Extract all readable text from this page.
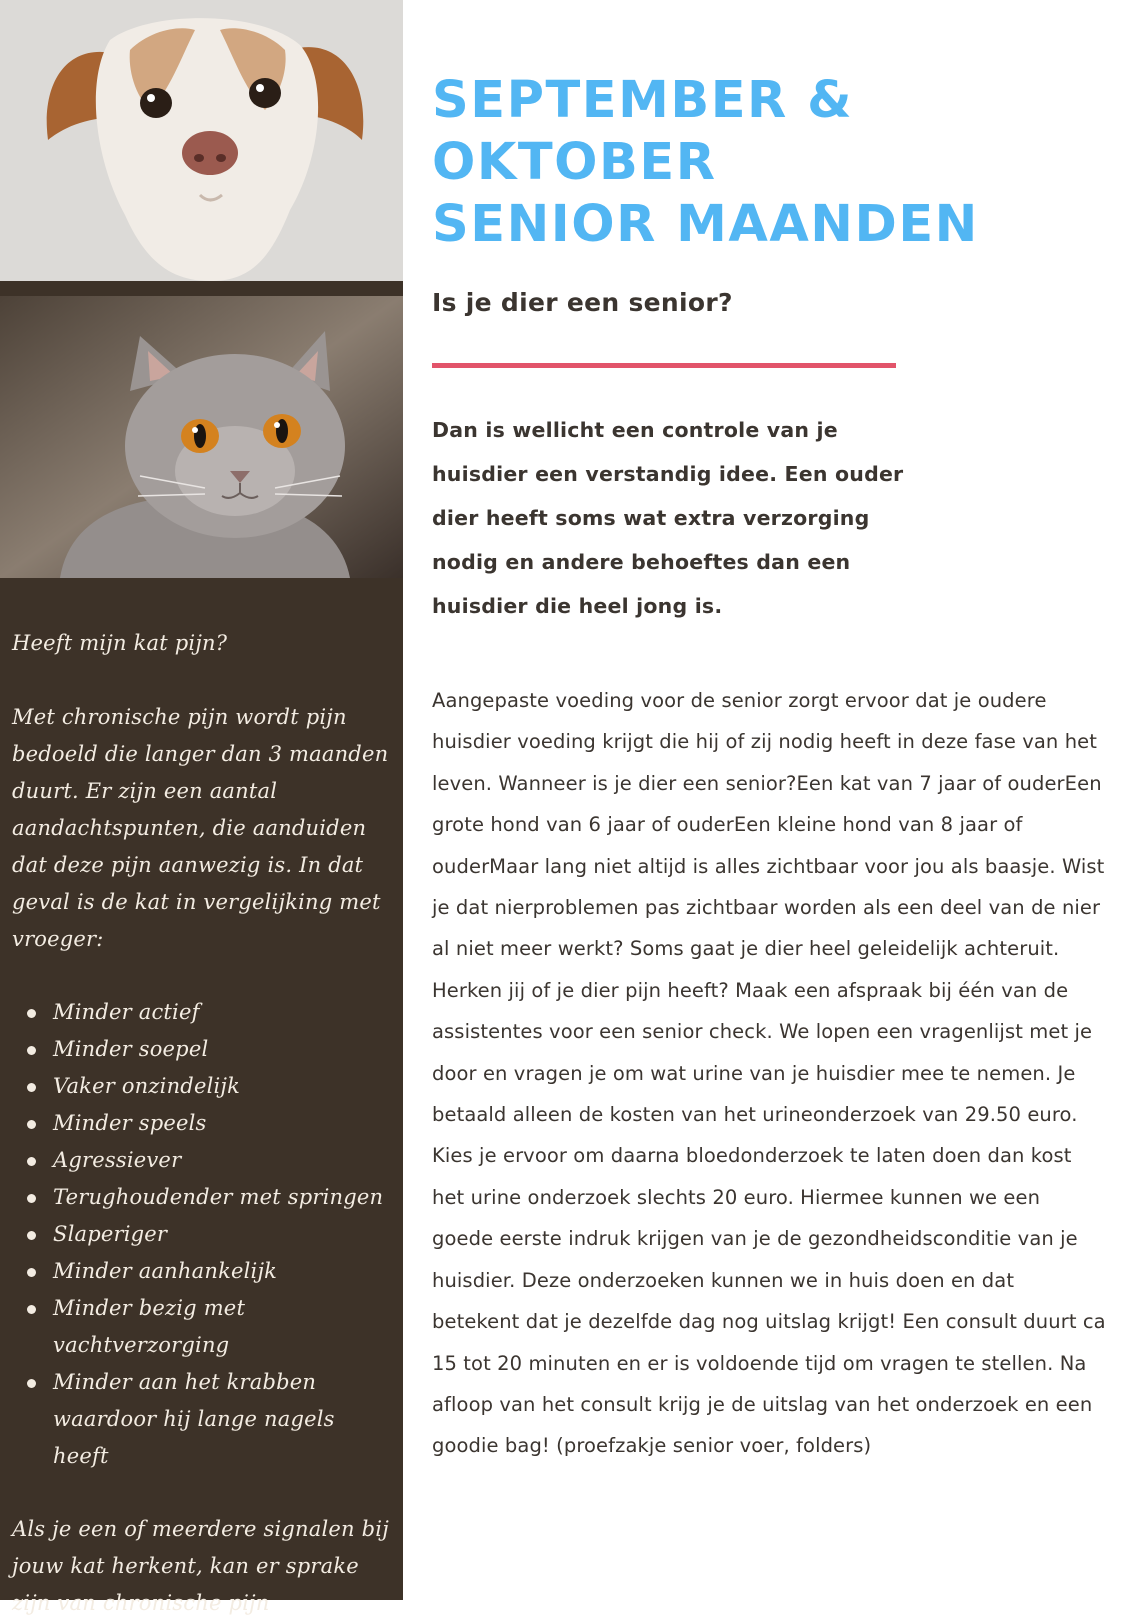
Heeft mijn kat pijn?

Met chronische pijn wordt pijn bedoeld die langer dan 3 maanden duurt. Er zijn een aantal aandachtspunten, die aanduiden dat deze pijn aanwezig is. In dat geval is de kat in vergelijking met vroeger:

Minder actief
Minder soepel
Vaker onzindelijk
Minder speels
Agressiever
Terughoudender met springen
Slaperiger
Minder aanhankelijk
Minder bezig met vachtverzorging
Minder aan het krabben waardoor hij lange nagels heeft

Als je een of meerdere signalen bij jouw kat herkent, kan er sprake zijn van chronische pijn

SEPTEMBER &
OKTOBER
SENIOR MAANDEN
Is je dier een senior?

Dan is wellicht een controle van je huisdier een verstandig idee. Een ouder dier heeft soms wat extra verzorging nodig en andere behoeftes dan een huisdier die heel jong is.

Aangepaste voeding voor de senior zorgt ervoor dat je oudere huisdier voeding krijgt die hij of zij nodig heeft in deze fase van het leven. Wanneer is je dier een senior?Een kat van 7 jaar of ouderEen grote hond van 6 jaar of ouderEen kleine hond van 8 jaar of ouderMaar lang niet altijd is alles zichtbaar voor jou als baasje. Wist je dat nierproblemen pas zichtbaar worden als een deel van de nier al niet meer werkt? Soms gaat je dier heel geleidelijk achteruit. Herken jij of je dier pijn heeft? Maak een afspraak bij één van de assistentes voor een senior check. We lopen een vragenlijst met je door en vragen je om wat urine van je huisdier mee te nemen. Je betaald alleen de kosten van het urineonderzoek van 29.50 euro. Kies je ervoor om daarna bloedonderzoek te laten doen dan kost het urine onderzoek slechts 20 euro. Hiermee kunnen we een goede eerste indruk krijgen van je de gezondheidsconditie van je huisdier. Deze onderzoeken kunnen we in huis doen en dat betekent dat je dezelfde dag nog uitslag krijgt! Een consult duurt ca 15 tot 20 minuten en er is voldoende tijd om vragen te stellen. Na afloop van het consult krijg je de uitslag van het onderzoek en een goodie bag! (proefzakje senior voer, folders)
